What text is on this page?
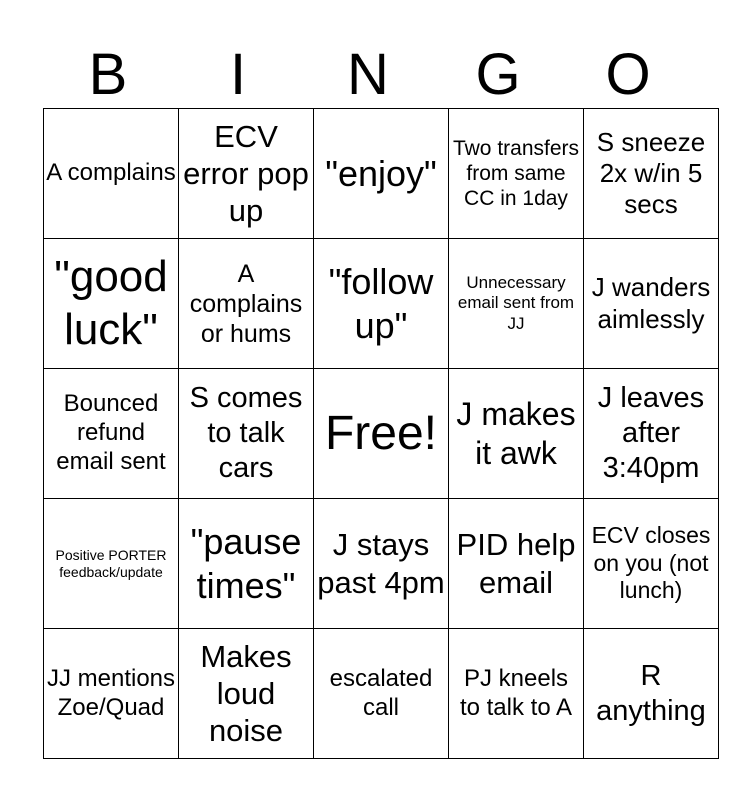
B	I	N	G	O
A complains	ECV error pop up	"enjoy"	Two transfers from same CC in 1day	S sneeze 2x w/in 5 secs

"good luck"	A complains or hums	"follow up"	Unnecessary email sent from JJ	J wanders aimlessly

Bounced refund email sent	S comes to talk cars	Free!	J makes it awk	J leaves after 3:40pm

Positive PORTER feedback/update	"pause times"	J stays past 4pm	PID help email	ECV closes on you (not lunch)

JJ mentions Zoe/Quad	Makes loud noise	escalated call	PJ kneels to talk to A	R anything
